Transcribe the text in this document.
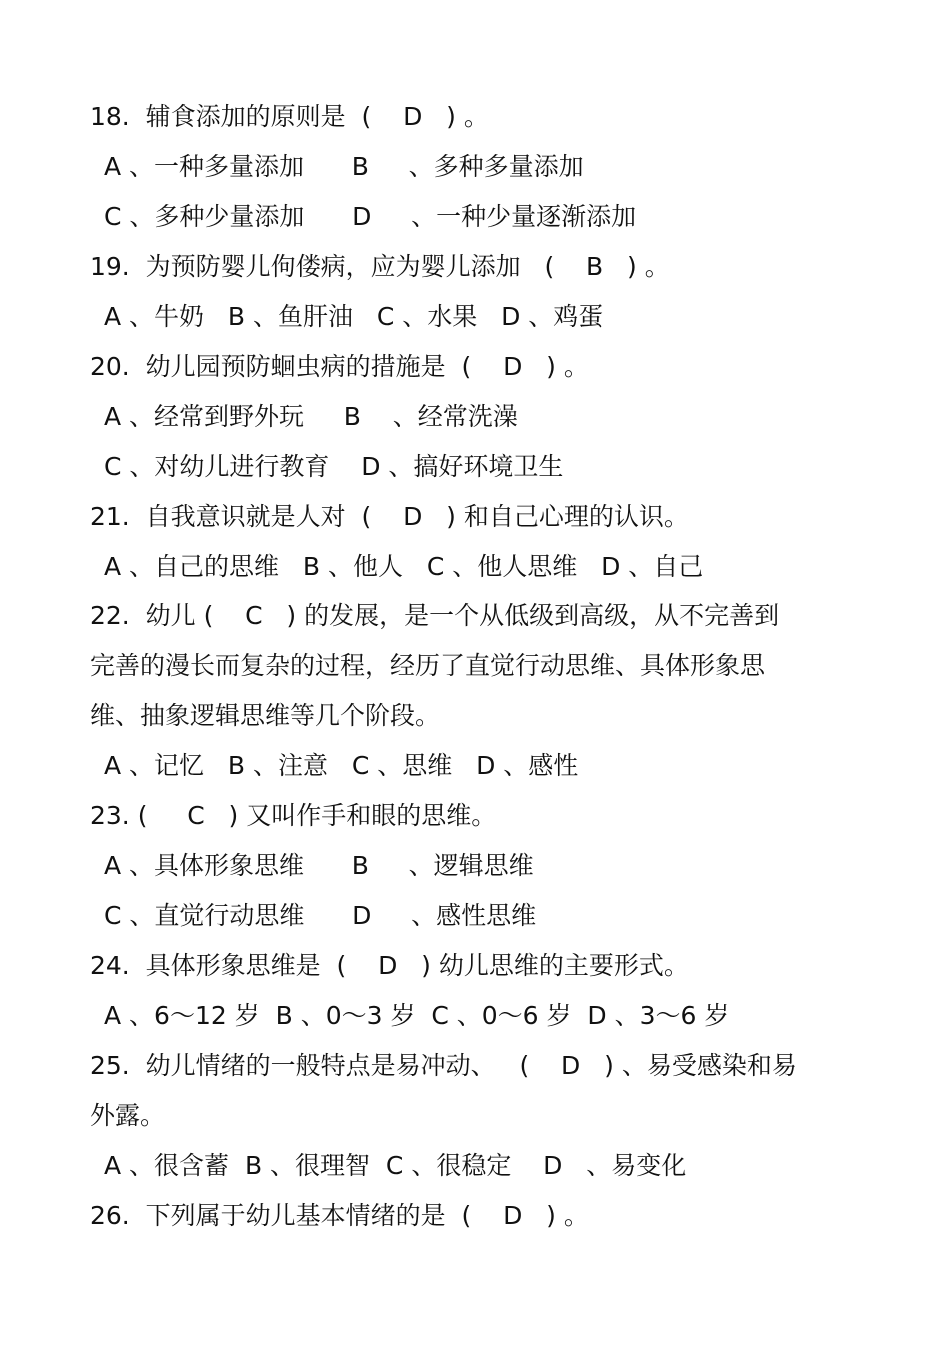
18.  辅食添加的原则是  (    D   ) 。
A 、一种多量添加      B     、多种多量添加
C 、多种少量添加      D     、一种少量逐渐添加
19.  为预防婴儿佝偻病，应为婴儿添加   (    B   ) 。
A 、牛奶   B 、鱼肝油   C 、水果   D 、鸡蛋
20.  幼儿园预防蛔虫病的措施是  (    D   ) 。
A 、经常到野外玩     B    、经常洗澡
C 、对幼儿进行教育    D 、搞好环境卫生
21.  自我意识就是人对  (    D   ) 和自己心理的认识。
A 、自己的思维   B 、他人   C 、他人思维   D 、自己
22.  幼儿 (    C   ) 的发展，是一个从低级到高级，从不完善到
完善的漫长而复杂的过程，经历了直觉行动思维、具体形象思
维、抽象逻辑思维等几个阶段。
A 、记忆   B 、注意   C 、思维   D 、感性
23. (     C   ) 又叫作手和眼的思维。
A 、具体形象思维      B     、逻辑思维
C 、直觉行动思维      D     、感性思维
24.  具体形象思维是  (    D   ) 幼儿思维的主要形式。
A 、6～12 岁  B 、0～3 岁  C 、0～6 岁  D 、3～6 岁
25.  幼儿情绪的一般特点是易冲动、   (    D   ) 、易受感染和易
外露。
A 、很含蓄  B 、很理智  C 、很稳定    D   、易变化
26.  下列属于幼儿基本情绪的是  (    D   ) 。
